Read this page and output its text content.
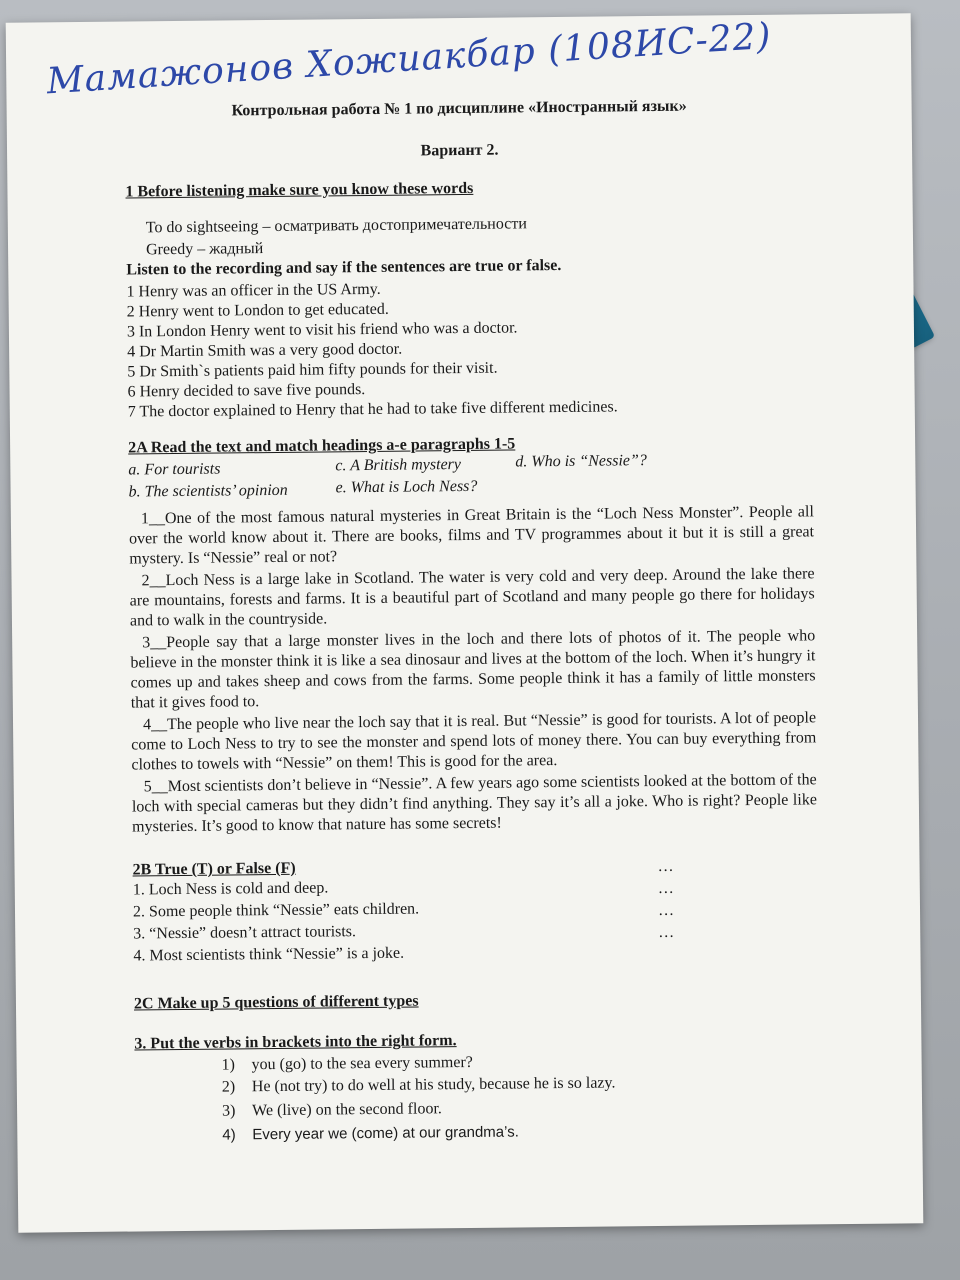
Мамажонов Хожиакбар (108ИС-22)
Контрольная работа № 1 по дисциплине «Иностранный язык»
Вариант 2.
1 Before listening make sure you know these words
To do sightseeing – осматривать достопримечательности
Greedy – жадный
Listen to the recording and say if the sentences are true or false.
1 Henry was an officer in the US Army.
2 Henry went to London to get educated.
3 In London Henry went to visit his friend who was a doctor.
4 Dr Martin Smith was a very good doctor.
5 Dr Smith`s patients paid him fifty pounds for their visit.
6 Henry decided to save five pounds.
7 The doctor explained to Henry that he had to take five different medicines.
2A Read the text and match headings a-e paragraphs 1-5
a. For tourists	c. A British mystery	d. Who is “Nessie”?
b. The scientists’ opinion	e. What is Loch Ness?
1__One of the most famous natural mysteries in Great Britain is the “Loch Ness Monster”. People all over the world know about it. There are books, films and TV programmes about it but it is still a great mystery. Is “Nessie” real or not?
2__Loch Ness is a large lake in Scotland. The water is very cold and very deep. Around the lake there are mountains, forests and farms. It is a beautiful part of Scotland and many people go there for holidays and to walk in the countryside.
3__People say that a large monster lives in the loch and there lots of photos of it. The people who believe in the monster think it is like a sea dinosaur and lives at the bottom of the loch. When it’s hungry it comes up and takes sheep and cows from the farms. Some people think it has a family of little monsters that it gives food to.
4__The people who live near the loch say that it is real. But “Nessie” is good for tourists. A lot of people come to Loch Ness to try to see the monster and spend lots of money there. You can buy everything from clothes to towels with “Nessie” on them! This is good for the area.
5__Most scientists don’t believe in “Nessie”. A few years ago some scientists looked at the bottom of the loch with special cameras but they didn’t find anything. They say it’s all a joke. Who is right? People like mysteries. It’s good to know that nature has some secrets!
2B True (T) or False (F)
1. Loch Ness is cold and deep.
2. Some people think “Nessie” eats children.
3. “Nessie” doesn’t attract tourists.
4. Most scientists think “Nessie” is a joke.
…
…
…
…
2C Make up 5 questions of different types
3. Put the verbs in brackets into the right form.
1) you (go) to the sea every summer?
2) He (not try) to do well at his study, because he is so lazy.
3) We (live) on the second floor.
4) Every year we (come) at our grandma’s.
